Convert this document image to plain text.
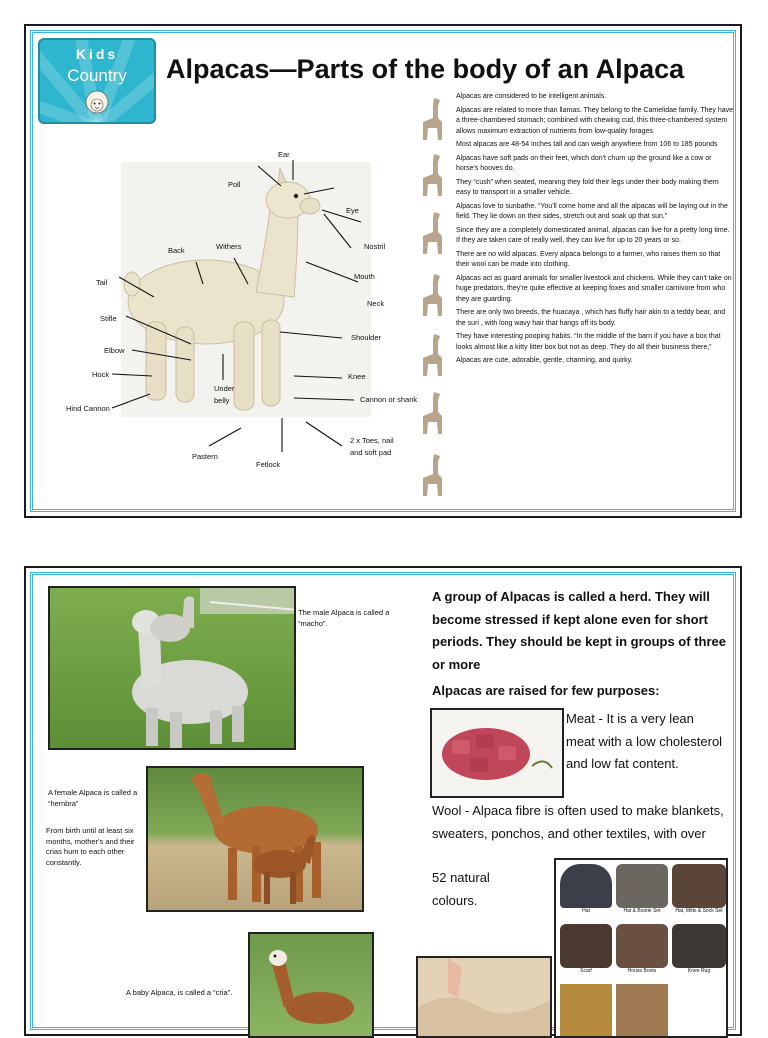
Kids
Country	Alpacas—Parts of the body of an Alpaca
Ear
Poll
Eye
Nostril
Mouth
Neck
Back	Withers
Tail
Stifle
Elbow
Hock
Hind Cannon
Under
belly
Shoulder
Knee
Cannon or shank
2 x Toes, nail
and soft pad
Pastern
Fetlock
Alpacas are considered to be intelligent animals.
Alpacas are related to more than llamas. They belong to the Camelidae family. They have a three-chambered stomach; combined with chewing cud, this three-chambered system allows maximum extraction of nutrients from low-quality forages.
Most alpacas are 48-54 inches tall and can weigh anywhere from 106 to 185 pounds
Alpacas have soft pads on their feet, which don't churn up the ground like a cow or horse's hooves do.
They “cush” when seated, meaning they fold their legs under their body making them easy to transport in a smaller vehicle.
Alpacas love to sunbathe. “You'll come home and all the alpacas will be laying out in the field. They lie down on their sides, stretch out and soak up that sun,”
Since they are a completely domesticated animal, alpacas can live for a pretty long time. If they are taken care of really well, they can live for up to 20 years or so.
There are no wild alpacas. Every alpaca belongs to a farmer, who raises them so that their wool can be made into clothing.
Alpacas act as guard animals for smaller livestock and chickens. While they can't take on huge predators, they're quite effective at keeping foxes and smaller carnivore from who they are guarding.
There are only two breeds, the huacaya , which has fluffy hair akin to a teddy bear, and the suri , with long wavy hair that hangs off its body.
They have interesting pooping habits. “In the middle of the barn if you have a box that looks almost like a kitty litter box but not as deep. They do all their business there,”
Alpacas are cute, adorable, gentle, charming, and quirky.
The male Alpaca is called a “macho”.
A female Alpaca is called a “hembra”
From birth until at least six months, mother's and their crias hum to each other constantly.
A baby Alpaca, is called a “cria”.
A group of Alpacas is called a herd. They will become stressed if kept alone even for short periods. They should be kept in groups of three or more
Alpacas are raised for few purposes:
Meat - It is a very lean meat with a low cholesterol and low fat content.
Wool - Alpaca fibre is often used to make blankets, sweaters, ponchos, and other textiles, with over
52 natural colours.
Hat	Hat & Bootie Set	Hat, Mitts & Sock Set
Scarf	House Boots	Knee Rug
